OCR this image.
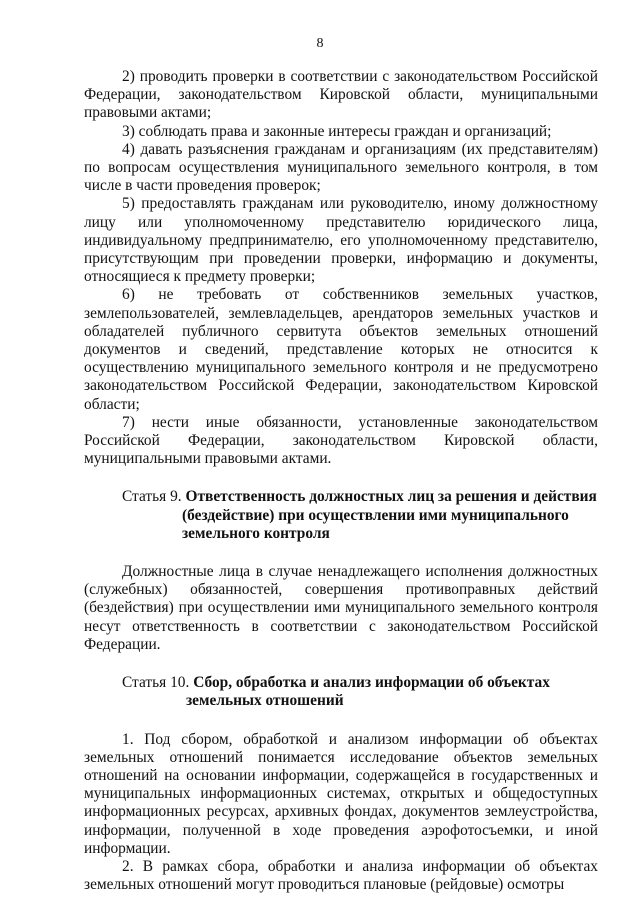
8

2) проводить проверки в соответствии с законодательством Российской Федерации, законодательством Кировской области, муниципальными правовыми актами;

3) соблюдать права и законные интересы граждан и организаций;

4) давать разъяснения гражданам и организациям (их представителям) по вопросам осуществления муниципального земельного контроля, в том числе в части проведения проверок;

5) предоставлять гражданам или руководителю, иному должностному лицу или уполномоченному представителю юридического лица, индивидуальному предпринимателю, его уполномоченному представителю, присутствующим при проведении проверки, информацию и документы, относящиеся к предмету проверки;

6) не требовать от собственников земельных участков, землепользователей, землевладельцев, арендаторов земельных участков и обладателей публичного сервитута объектов земельных отношений документов и сведений, представление которых не относится к осуществлению муниципального земельного контроля и не предусмотрено законодательством Российской Федерации, законодательством Кировской области;

7) нести иные обязанности, установленные законодательством Российской Федерации, законодательством Кировской области, муниципальными правовыми актами.

Статья 9. Ответственность должностных лиц за решения и действия
(бездействие) при осуществлении ими муниципального земельного контроля

Должностные лица в случае ненадлежащего исполнения должностных (служебных) обязанностей, совершения противоправных действий (бездействия) при осуществлении ими муниципального земельного контроля несут ответственность в соответствии с законодательством Российской Федерации.

Статья 10. Сбор, обработка и анализ информации об объектах
земельных отношений

1. Под сбором, обработкой и анализом информации об объектах земельных отношений понимается исследование объектов земельных отношений на основании информации, содержащейся в государственных и муниципальных информационных системах, открытых и общедоступных информационных ресурсах, архивных фондах, документов землеустройства, информации, полученной в ходе проведения аэрофотосъемки, и иной информации.

2. В рамках сбора, обработки и анализа информации об объектах земельных отношений могут проводиться плановые (рейдовые) осмотры
